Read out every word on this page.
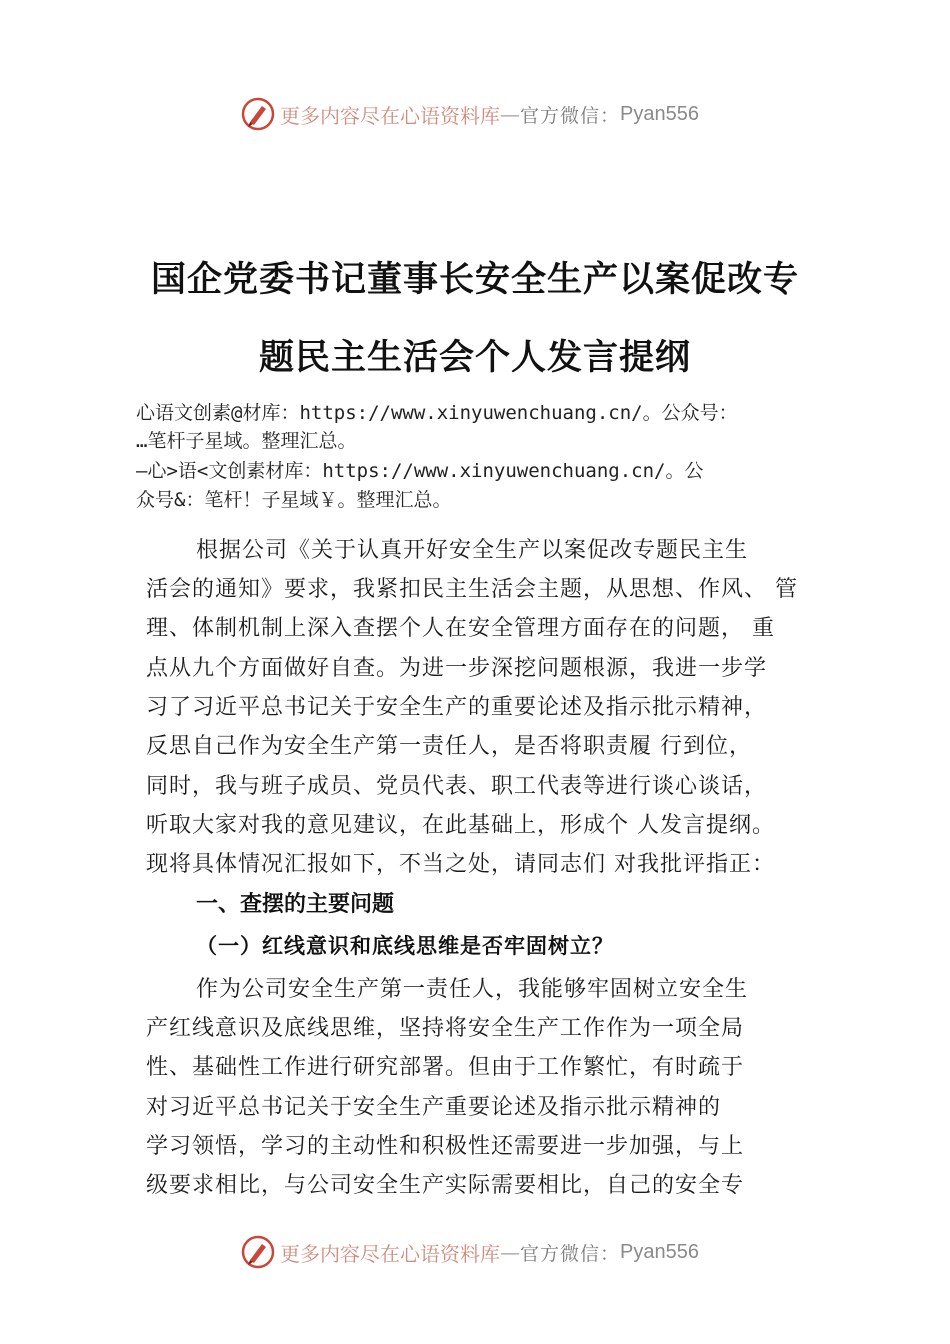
更多内容尽在心语资料库 — 官方微信： Pyan556
国企党委书记董事长安全生产以案促改专
题民主生活会个人发言提纲
心语文创素@材库：https://www.xinyuwenchuang.cn/。公众号：
…笔杆子星域。整理汇总。
—心>语<文创素材库：https://www.xinyuwenchuang.cn/。公
众号&：笔杆！子星域￥。整理汇总。
根据公司《关于认真开好安全生产以案促改专题民主生
活会的通知》要求，我紧扣民主生活会主题，从思想、作风、 管
理、体制机制上深入查摆个人在安全管理方面存在的问题， 重
点从九个方面做好自查。为进一步深挖问题根源，我进一步学
习了习近平总书记关于安全生产的重要论述及指示批示精神，
反思自己作为安全生产第一责任人，是否将职责履 行到位，
同时，我与班子成员、党员代表、职工代表等进行谈心谈话，
听取大家对我的意见建议，在此基础上，形成个 人发言提纲。
现将具体情况汇报如下，不当之处，请同志们 对我批评指正：
一、查摆的主要问题
（一）红线意识和底线思维是否牢固树立？
作为公司安全生产第一责任人，我能够牢固树立安全生
产红线意识及底线思维，坚持将安全生产工作作为一项全局
性、基础性工作进行研究部署。但由于工作繁忙，有时疏于
对习近平总书记关于安全生产重要论述及指示批示精神的
学习领悟，学习的主动性和积极性还需要进一步加强，与上
级要求相比，与公司安全生产实际需要相比，自己的安全专
更多内容尽在心语资料库 — 官方微信： Pyan556
